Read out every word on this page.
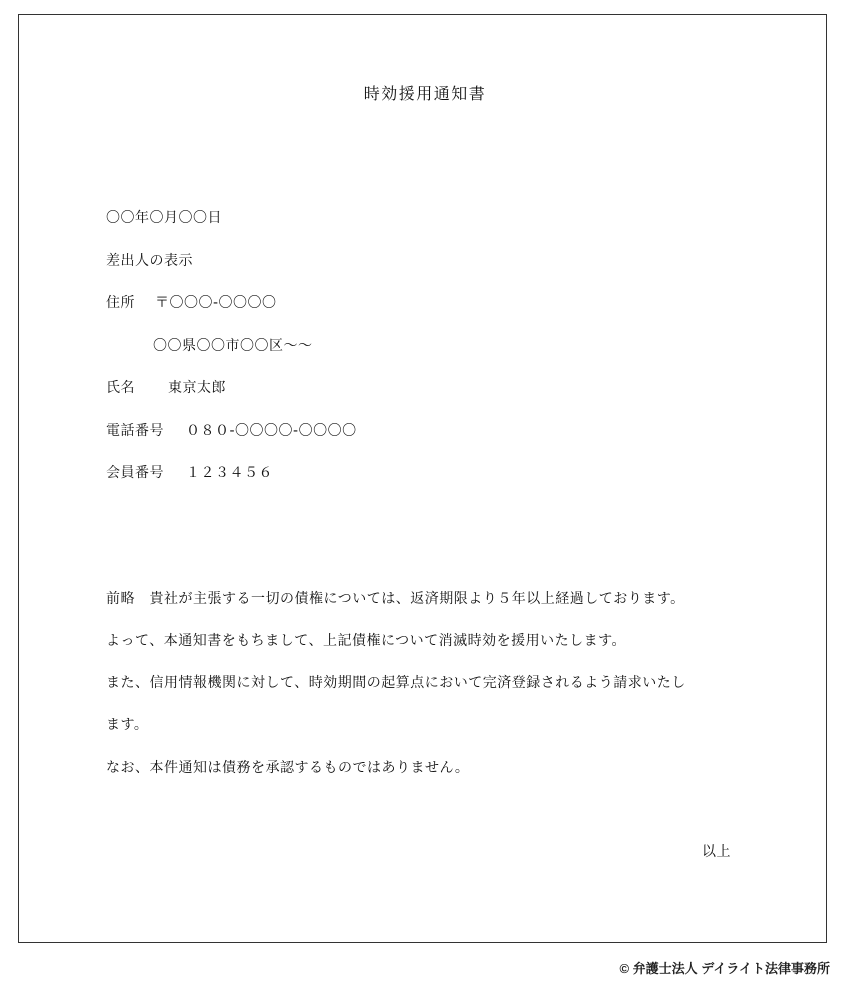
時効援用通知書
〇〇年〇月〇〇日
差出人の表示
住所 〒〇〇〇-〇〇〇〇
〇〇県〇〇市〇〇区〜〜
氏名 東京太郎
電話番号 ０８０-〇〇〇〇-〇〇〇〇
会員番号 １２３４５６
前略　貴社が主張する一切の債権については、返済期限より５年以上経過しております。
よって、本通知書をもちまして、上記債権について消滅時効を援用いたします。
また、信用情報機関に対して、時効期間の起算点において完済登録されるよう請求いたし
ます。
なお、本件通知は債務を承認するものではありません。
以上
© 弁護士法人 デイライト法律事務所
